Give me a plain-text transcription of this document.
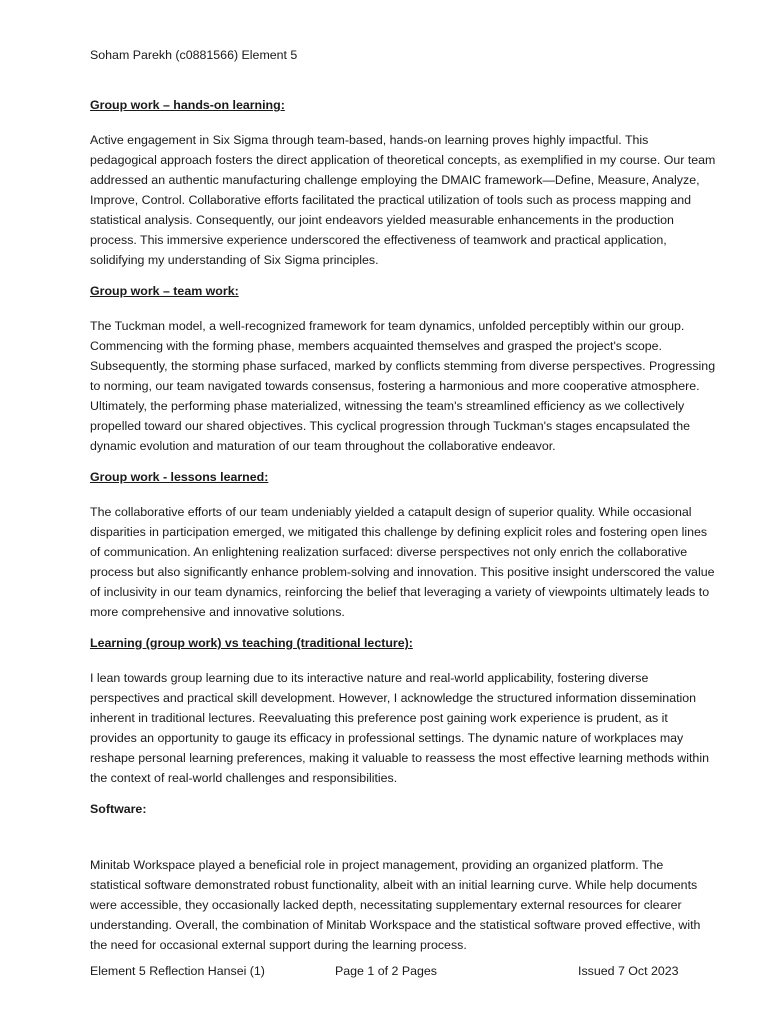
Soham Parekh (c0881566) Element 5
Group work – hands-on learning:

Active engagement in Six Sigma through team-based, hands-on learning proves highly impactful. This pedagogical approach fosters the direct application of theoretical concepts, as exemplified in my course. Our team addressed an authentic manufacturing challenge employing the DMAIC framework—Define, Measure, Analyze, Improve, Control. Collaborative efforts facilitated the practical utilization of tools such as process mapping and statistical analysis. Consequently, our joint endeavors yielded measurable enhancements in the production process. This immersive experience underscored the effectiveness of teamwork and practical application, solidifying my understanding of Six Sigma principles.

Group work – team work:

The Tuckman model, a well-recognized framework for team dynamics, unfolded perceptibly within our group. Commencing with the forming phase, members acquainted themselves and grasped the project's scope. Subsequently, the storming phase surfaced, marked by conflicts stemming from diverse perspectives. Progressing to norming, our team navigated towards consensus, fostering a harmonious and more cooperative atmosphere. Ultimately, the performing phase materialized, witnessing the team's streamlined efficiency as we collectively propelled toward our shared objectives. This cyclical progression through Tuckman's stages encapsulated the dynamic evolution and maturation of our team throughout the collaborative endeavor.

Group work - lessons learned:

The collaborative efforts of our team undeniably yielded a catapult design of superior quality. While occasional disparities in participation emerged, we mitigated this challenge by defining explicit roles and fostering open lines of communication. An enlightening realization surfaced: diverse perspectives not only enrich the collaborative process but also significantly enhance problem-solving and innovation. This positive insight underscored the value of inclusivity in our team dynamics, reinforcing the belief that leveraging a variety of viewpoints ultimately leads to more comprehensive and innovative solutions.

Learning (group work) vs teaching (traditional lecture):

I lean towards group learning due to its interactive nature and real-world applicability, fostering diverse perspectives and practical skill development. However, I acknowledge the structured information dissemination inherent in traditional lectures. Reevaluating this preference post gaining work experience is prudent, as it provides an opportunity to gauge its efficacy in professional settings. The dynamic nature of workplaces may reshape personal learning preferences, making it valuable to reassess the most effective learning methods within the context of real-world challenges and responsibilities.

Software:

Minitab Workspace played a beneficial role in project management, providing an organized platform. The statistical software demonstrated robust functionality, albeit with an initial learning curve. While help documents were accessible, they occasionally lacked depth, necessitating supplementary external resources for clearer understanding. Overall, the combination of Minitab Workspace and the statistical software proved effective, with the need for occasional external support during the learning process.

Element 5 Reflection Hansei (1)	Page 1 of 2 Pages	Issued 7 Oct 2023
